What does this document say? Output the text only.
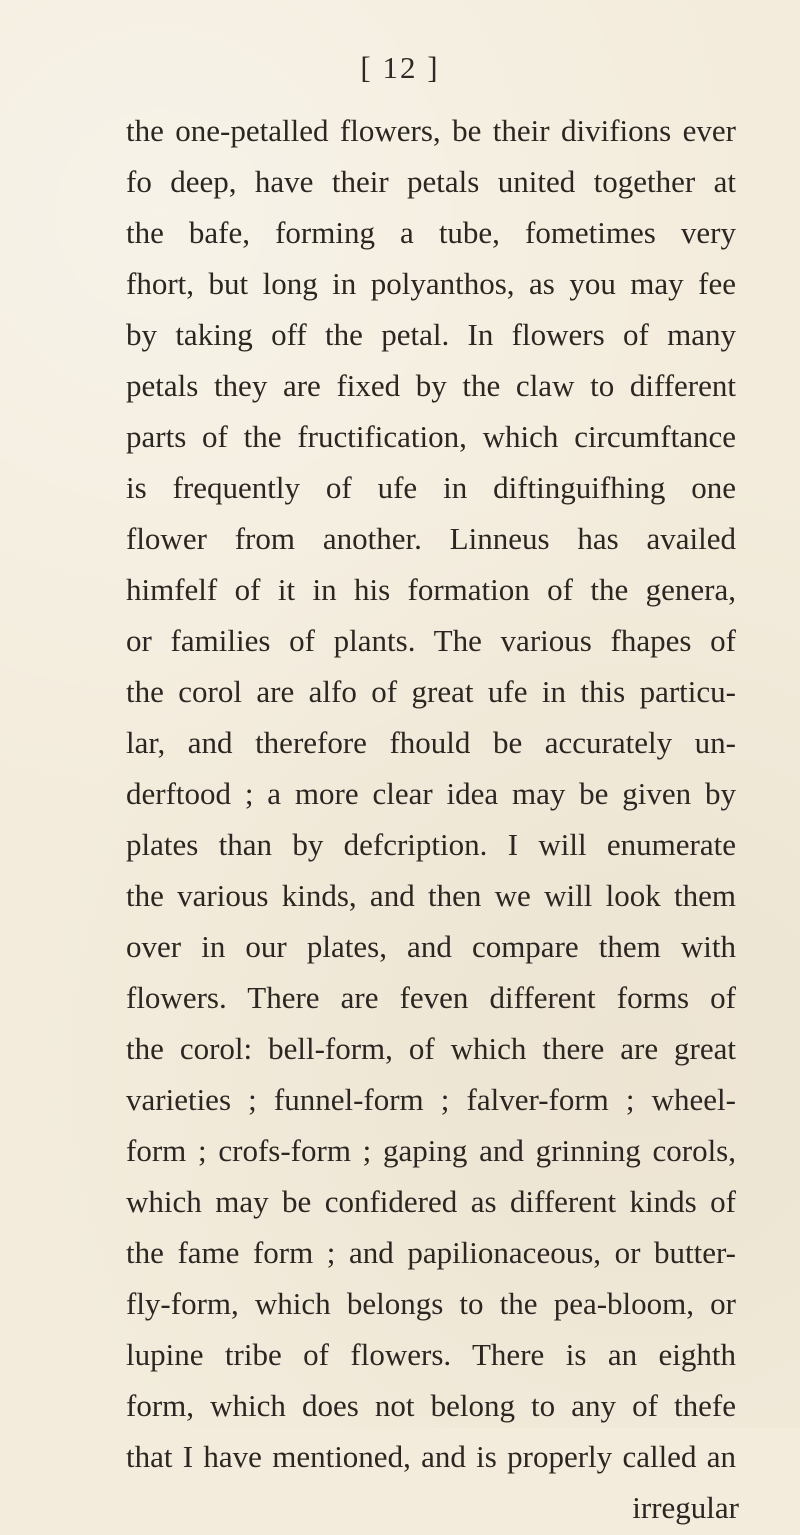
[ 12 ]
the one-petalled flowers, be their divifions ever
fo deep, have their petals united together at
the bafe, forming a tube, fometimes very
fhort, but long in polyanthos, as you may fee
by taking off the petal. In flowers of many
petals they are fixed by the claw to different
parts of the fructification, which circumftance
is frequently of ufe in diftinguifhing one
flower from another. Linneus has availed
himfelf of it in his formation of the genera,
or families of plants. The various fhapes of
the corol are alfo of great ufe in this particu-
lar, and therefore fhould be accurately un-
derftood ; a more clear idea may be given by
plates than by defcription. I will enumerate
the various kinds, and then we will look them
over in our plates, and compare them with
flowers. There are feven different forms of
the corol: bell-form, of which there are great
varieties ; funnel-form ; falver-form ; wheel-
form ; crofs-form ; gaping and grinning corols,
which may be confidered as different kinds of
the fame form ; and papilionaceous, or butter-
fly-form, which belongs to the pea-bloom, or
lupine tribe of flowers. There is an eighth
form, which does not belong to any of thefe
that I have mentioned, and is properly called an
irregular
